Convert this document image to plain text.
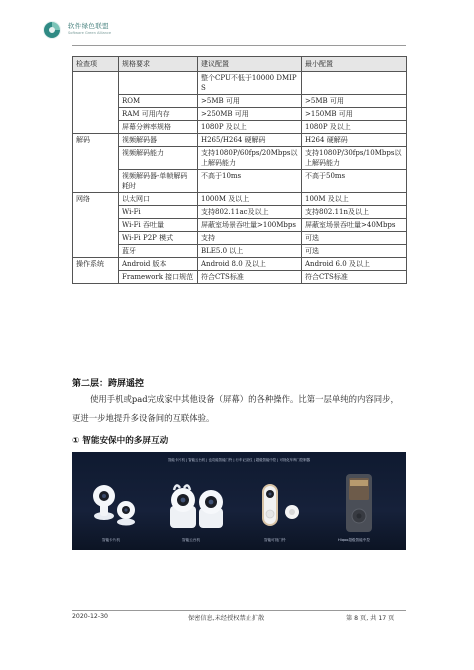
软件绿色联盟
Software Green Alliance
检查项	规格要求	建议配置	最小配置
		整个CPU不低于10000 DMIPS	
	ROM	>5MB 可用	>5MB 可用
	RAM 可用内存	>250MB 可用	>150MB 可用
	屏幕分辨率规格	1080P 及以上	1080P 及以上
解码	视频解码器	H265/H264 硬解码	H264 硬解码
	视频解码能力	支持1080P/60fps/20Mbps以上解码能力	支持1080P/30fps/10Mbps以上解码能力
	视频解码器-单帧解码耗时	不高于10ms	不高于50ms
网络	以太网口	1000M 及以上	100M 及以上
	Wi-Fi	支持802.11ac及以上	支持802.11n及以上
	Wi-Fi 吞吐量	屏蔽室场景吞吐量>100Mbps	屏蔽室场景吞吐量>40Mbps
	Wi-Fi P2P 模式	支持	可选
	蓝牙	BLE5.0 以上	可选
操作系统	Android 版本	Android 8.0 及以上	Android 6.0 及以上
	Framework 接口规范	符合CTS标准	符合CTS标准
第二层：跨屏遥控
使用手机或pad完成家中其他设备（屏幕）的各种操作。比第一层单纯的内容同步，更进一步地提升多设备间的互联体验。
① 智能安保中的多屏互动
智能卡片机 | 智能云台机 | 也功能智能门铃 | 行车记录仪 | 超级智能中控 | 可视化车库门控制器
智能卡片机	智能云台机	智能可视门铃	Hiqoo超级智能中控
2020-12-30	保密信息,未经授权禁止扩散	第 8 页, 共 17 页
